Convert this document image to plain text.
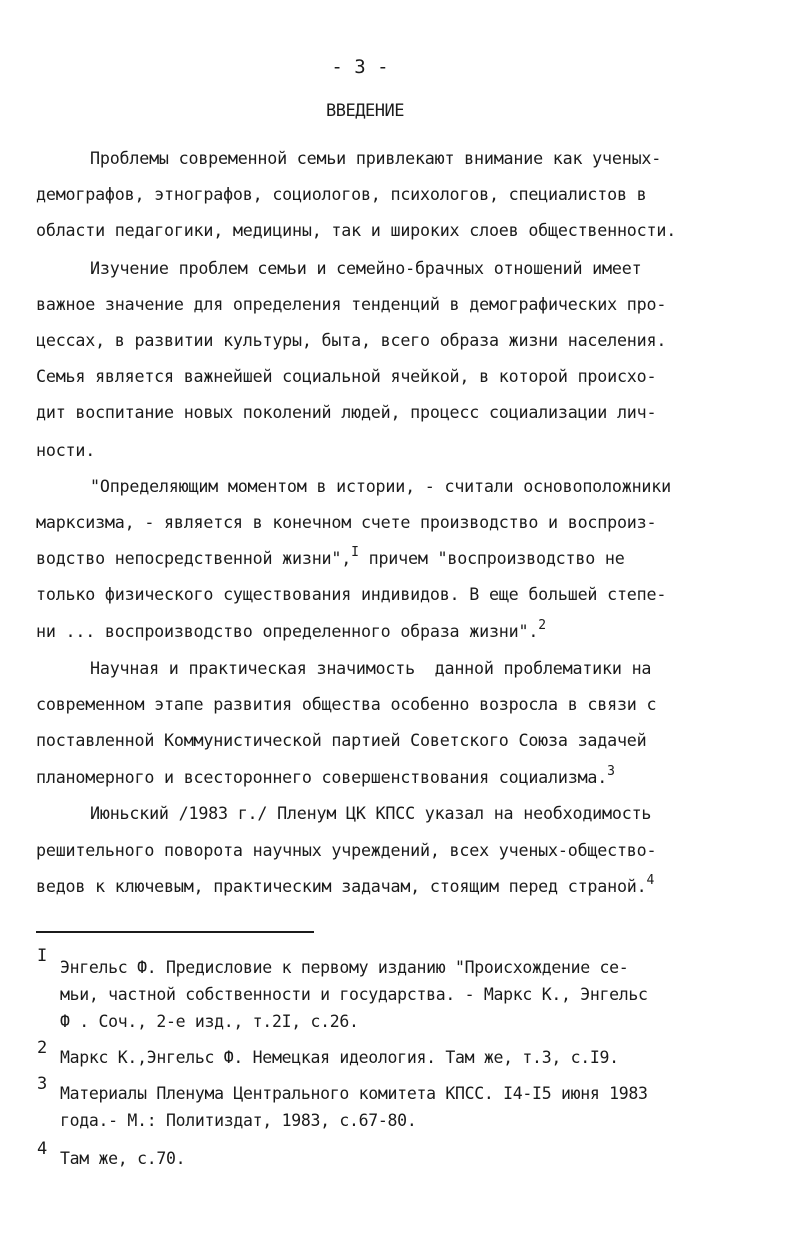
- 3 -
ВВЕДЕНИЕ
Проблемы современной семьи привлекают внимание как ученых-
демографов, этнографов, социологов, психологов, специалистов в
области педагогики, медицины, так и широких слоев общественности.
Изучение проблем семьи и семейно-брачных отношений имеет
важное значение для определения тенденций в демографических про-
цессах, в развитии культуры, быта, всего образа жизни населения.
Семья является важнейшей социальной ячейкой, в которой происхо-
дит воспитание новых поколений людей, процесс социализации лич-
ности.
"Определяющим моментом в истории, - считали основоположники
марксизма, - является в конечном счете производство и воспроиз-
водство непосредственной жизни",$^I$ причем "воспроизводство не
только физического существования индивидов. В еще большей степе-
ни ... воспроизводство определенного образа жизни".$^2$
Научная и практическая значимость  данной проблематики на
современном этапе развития общества особенно возросла в связи с
поставленной Коммунистической партией Советского Союза задачей
планомерного и всестороннего совершенствования социализма.$^3$
Июньский /1983 г./ Пленум ЦК КПСС указал на необходимость
решительного поворота научных учреждений, всех ученых-общество-
ведов к ключевым, практическим задачам, стоящим перед страной.$^4$
I
Энгельс Ф. Предисловие к первому изданию "Происхождение се-
мьи, частной собственности и государства. - Маркс К., Энгельс
Ф . Соч., 2-е изд., т.2I, с.26.
2 Маркс К.,Энгельс Ф. Немецкая идеология. Там же, т.3, с.I9.
3 Материалы Пленума Центрального комитета КПСС. I4-I5 июня 1983
года.- М.: Политиздат, 1983, с.67-80.
4 Там же, с.70.
